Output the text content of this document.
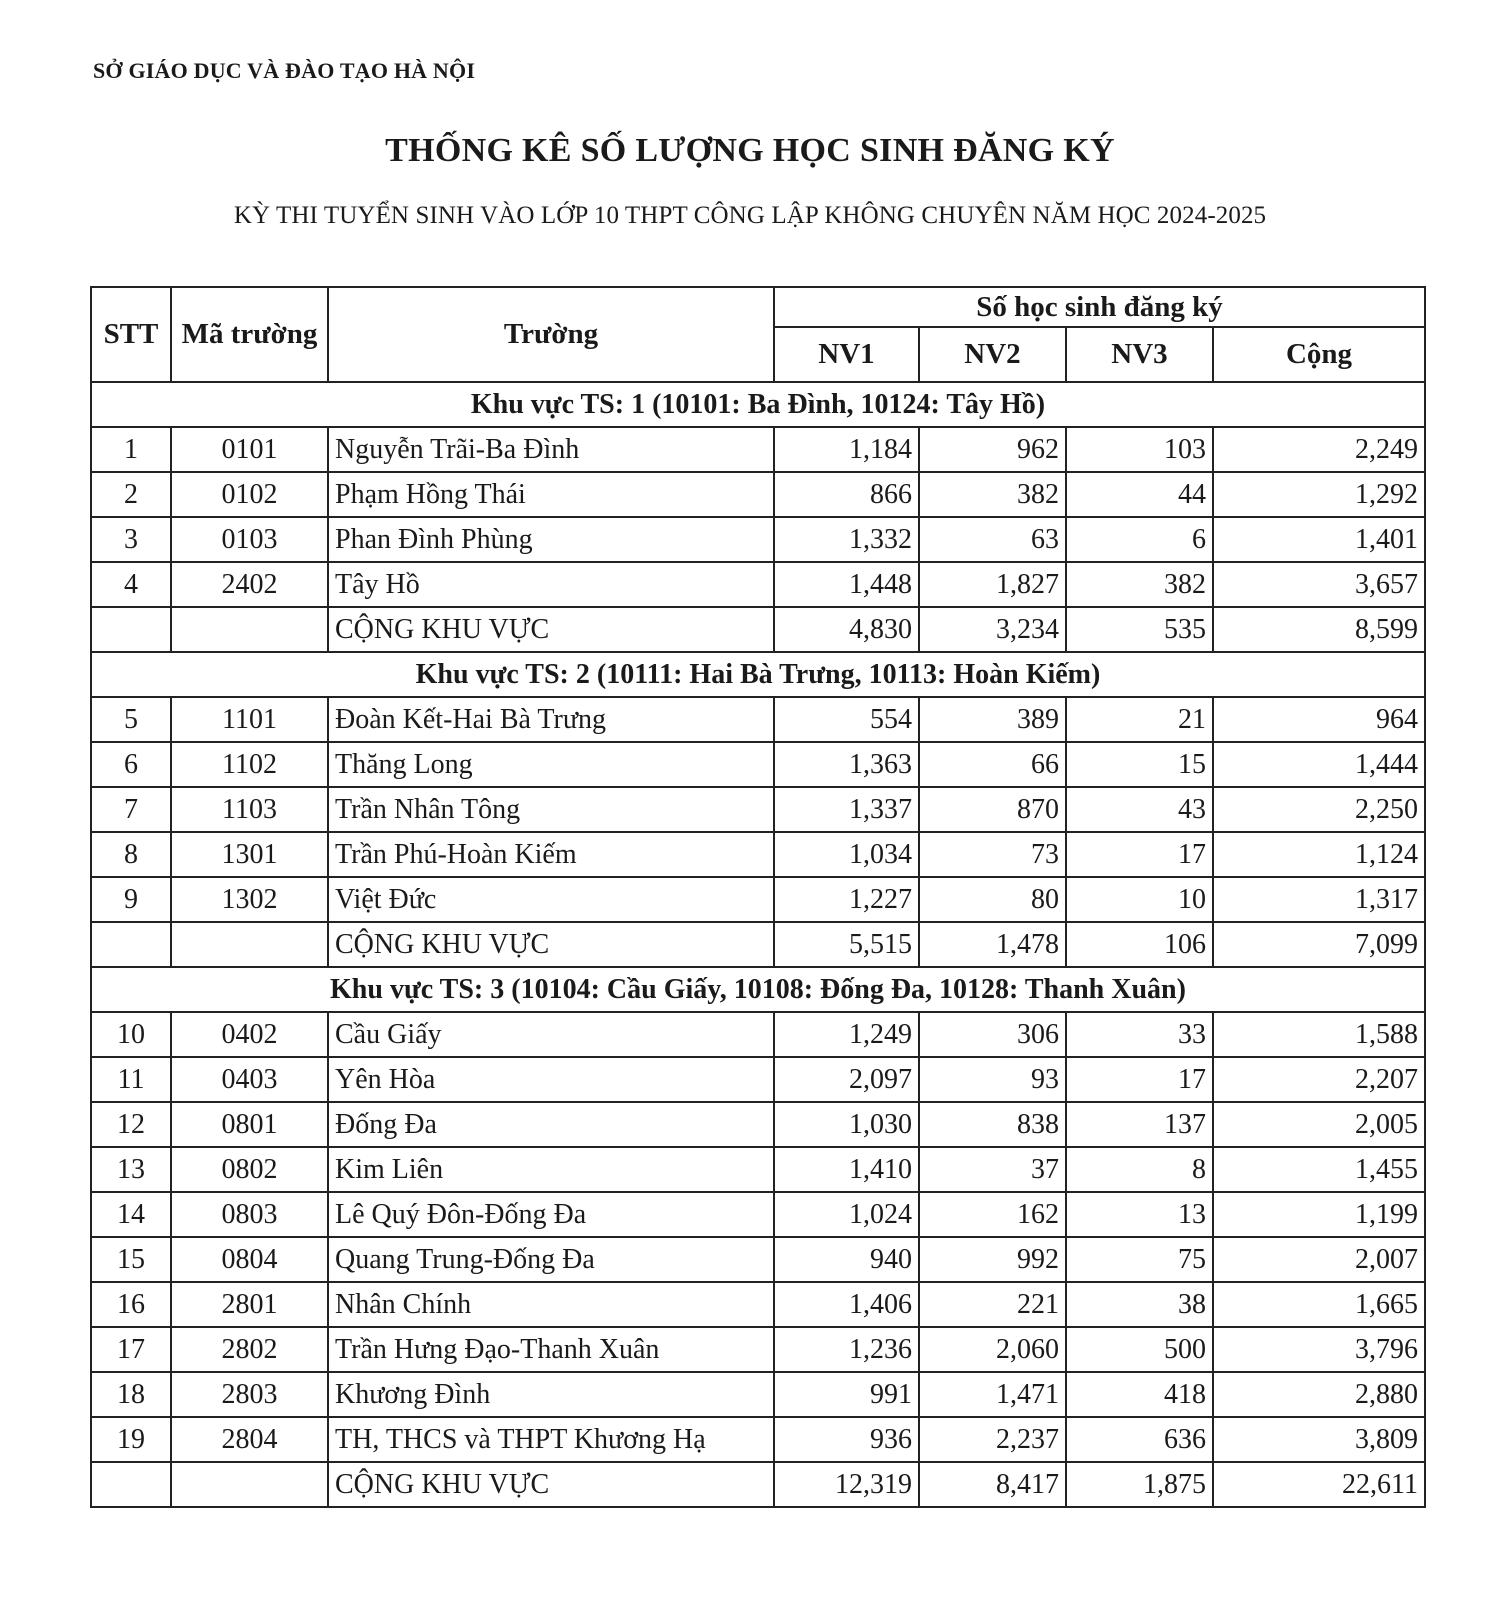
SỞ GIÁO DỤC VÀ ĐÀO TẠO HÀ NỘI
THỐNG KÊ SỐ LƯỢNG HỌC SINH ĐĂNG KÝ
KỲ THI TUYỂN SINH VÀO LỚP 10 THPT CÔNG LẬP KHÔNG CHUYÊN NĂM HỌC 2024-2025
STT	Mã trường	Trường	Số học sinh đăng ký			
			NV1	NV2	NV3	Cộng
Khu vực TS: 1 (10101: Ba Đình, 10124: Tây Hồ)						
1	0101	Nguyễn Trãi-Ba Đình	1,184	962	103	2,249
2	0102	Phạm Hồng Thái	866	382	44	1,292
3	0103	Phan Đình Phùng	1,332	63	6	1,401
4	2402	Tây Hồ	1,448	1,827	382	3,657
		CỘNG KHU VỰC	4,830	3,234	535	8,599
Khu vực TS: 2 (10111: Hai Bà Trưng, 10113: Hoàn Kiếm)						
5	1101	Đoàn Kết-Hai Bà Trưng	554	389	21	964
6	1102	Thăng Long	1,363	66	15	1,444
7	1103	Trần Nhân Tông	1,337	870	43	2,250
8	1301	Trần Phú-Hoàn Kiếm	1,034	73	17	1,124
9	1302	Việt Đức	1,227	80	10	1,317
		CỘNG KHU VỰC	5,515	1,478	106	7,099
Khu vực TS: 3 (10104: Cầu Giấy, 10108: Đống Đa, 10128: Thanh Xuân)						
10	0402	Cầu Giấy	1,249	306	33	1,588
11	0403	Yên Hòa	2,097	93	17	2,207
12	0801	Đống Đa	1,030	838	137	2,005
13	0802	Kim Liên	1,410	37	8	1,455
14	0803	Lê Quý Đôn-Đống Đa	1,024	162	13	1,199
15	0804	Quang Trung-Đống Đa	940	992	75	2,007
16	2801	Nhân Chính	1,406	221	38	1,665
17	2802	Trần Hưng Đạo-Thanh Xuân	1,236	2,060	500	3,796
18	2803	Khương Đình	991	1,471	418	2,880
19	2804	TH, THCS và THPT Khương Hạ	936	2,237	636	3,809
		CỘNG KHU VỰC	12,319	8,417	1,875	22,611
